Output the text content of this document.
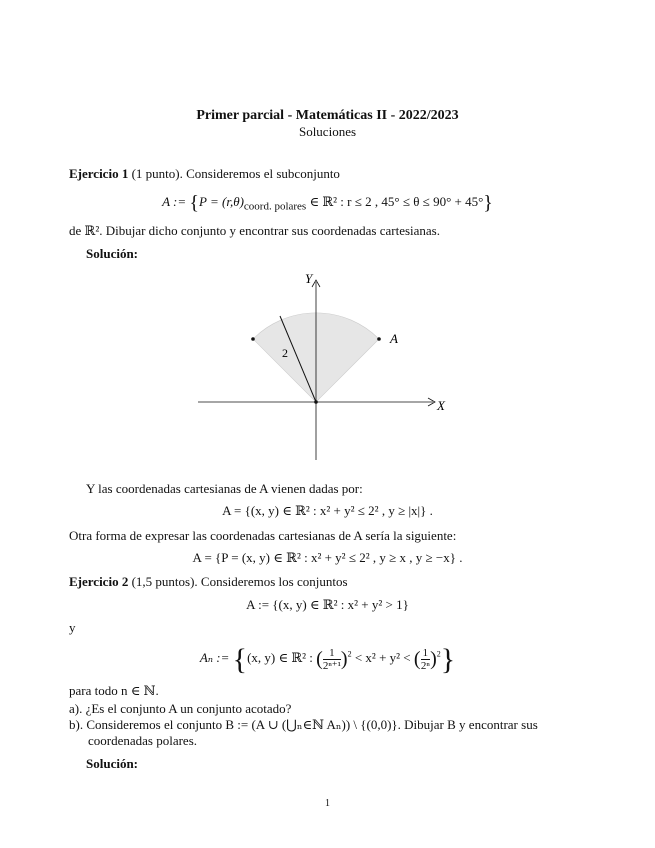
Primer parcial - Matemáticas II - 2022/2023
Soluciones
Ejercicio 1 (1 punto). Consideremos el subconjunto
A := {$P = (r,\theta)_{coord. polares}$ ∈ ℝ² : r ≤ 2 , 45° ≤ θ ≤ 90° + 45°}
de ℝ². Dibujar dicho conjunto y encontrar sus coordenadas cartesianas.
Solución:
Y
X
A
2
Y las coordenadas cartesianas de A vienen dadas por:
A = {(x, y) ∈ ℝ² : x² + y² ≤ 2² , y ≥ |x|} .
Otra forma de expresar las coordenadas cartesianas de A sería la siguiente:
A = {P = (x, y) ∈ ℝ² : x² + y² ≤ 2² , y ≥ x , y ≥ −x} .
Ejercicio 2 (1,5 puntos). Consideremos los conjuntos
A := {(x, y) ∈ ℝ² : x² + y² > 1}
y
Aₙ := {(x, y) ∈ ℝ² : ( $\frac{1}{\text{2ⁿ⁺¹}} )^2 < x^2 + y^2$ < ( $\frac{1}{\text{2ⁿ}} )^2$}
para todo n ∈ ℕ.
a). ¿Es el conjunto A un conjunto acotado?
b). Consideremos el conjunto B := (A ∪ (⋃ₙ∈ℕ Aₙ)) \ {(0,0)}. Dibujar B y encontrar sus
coordenadas polares.
Solución:
1
